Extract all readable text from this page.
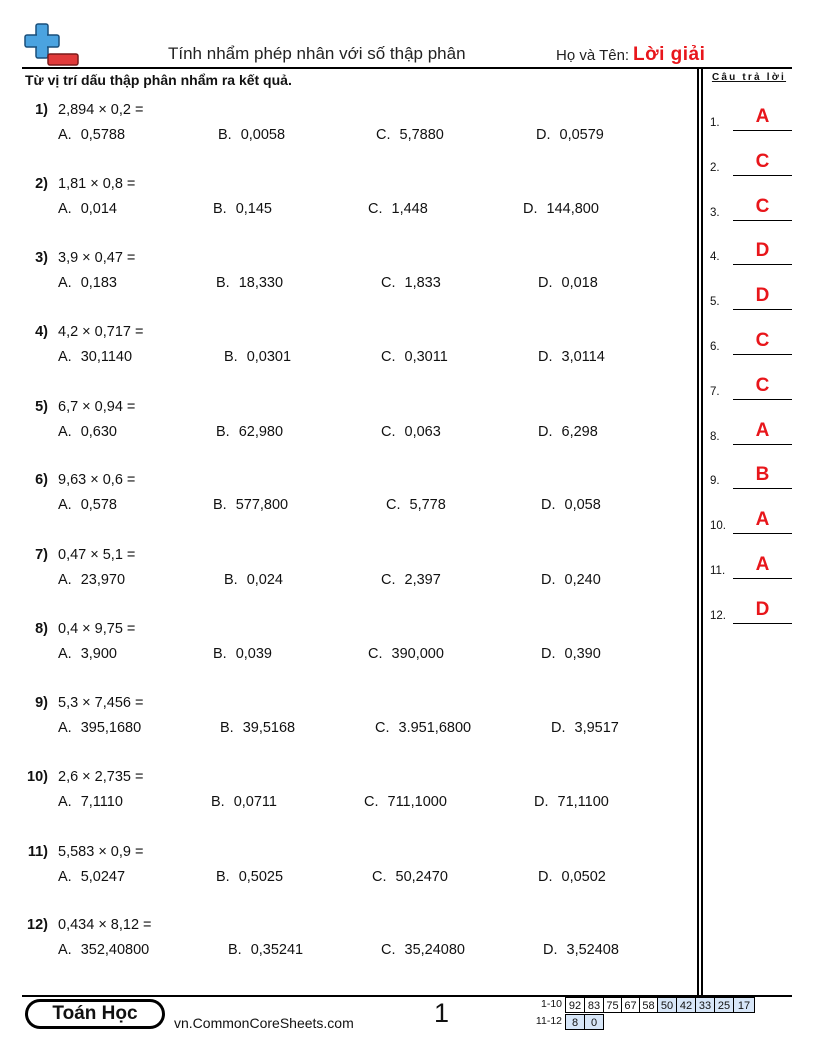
Tính nhẩm phép nhân với số thập phân	Họ và Tên: Lời giải
Từ vị trí dấu thập phân nhẩm ra kết quả.	Câu trả lời
1) 2,894 × 0,2 =
A. 0,5788	B. 0,0058	C. 5,7880	D. 0,0579
2) 1,81 × 0,8 =
A. 0,014	B. 0,145	C. 1,448	D. 144,800
3) 3,9 × 0,47 =
A. 0,183	B. 18,330	C. 1,833	D. 0,018
4) 4,2 × 0,717 =
A. 30,1140	B. 0,0301	C. 0,3011	D. 3,0114
5) 6,7 × 0,94 =
A. 0,630	B. 62,980	C. 0,063	D. 6,298
6) 9,63 × 0,6 =
A. 0,578	B. 577,800	C. 5,778	D. 0,058
7) 0,47 × 5,1 =
A. 23,970	B. 0,024	C. 2,397	D. 0,240
8) 0,4 × 9,75 =
A. 3,900	B. 0,039	C. 390,000	D. 0,390
9) 5,3 × 7,456 =
A. 395,1680	B. 39,5168	C. 3.951,6800	D. 3,9517
10) 2,6 × 2,735 =
A. 7,1110	B. 0,0711	C. 711,1000	D. 71,1100
11) 5,583 × 0,9 =
A. 5,0247	B. 0,5025	C. 50,2470	D. 0,0502
12) 0,434 × 8,12 =
A. 352,40800	B. 0,35241	C. 35,24080	D. 3,52408
1.	A
2.	C
3.	C
4.	D
5.	D
6.	C
7.	C
8.	A
9.	B
10.	A
11.	A
12.	D
Toán Học	vn.CommonCoreSheets.com	1	1-10 92 83 75 67 58 50 42 33 25 17
11-12 8	0
